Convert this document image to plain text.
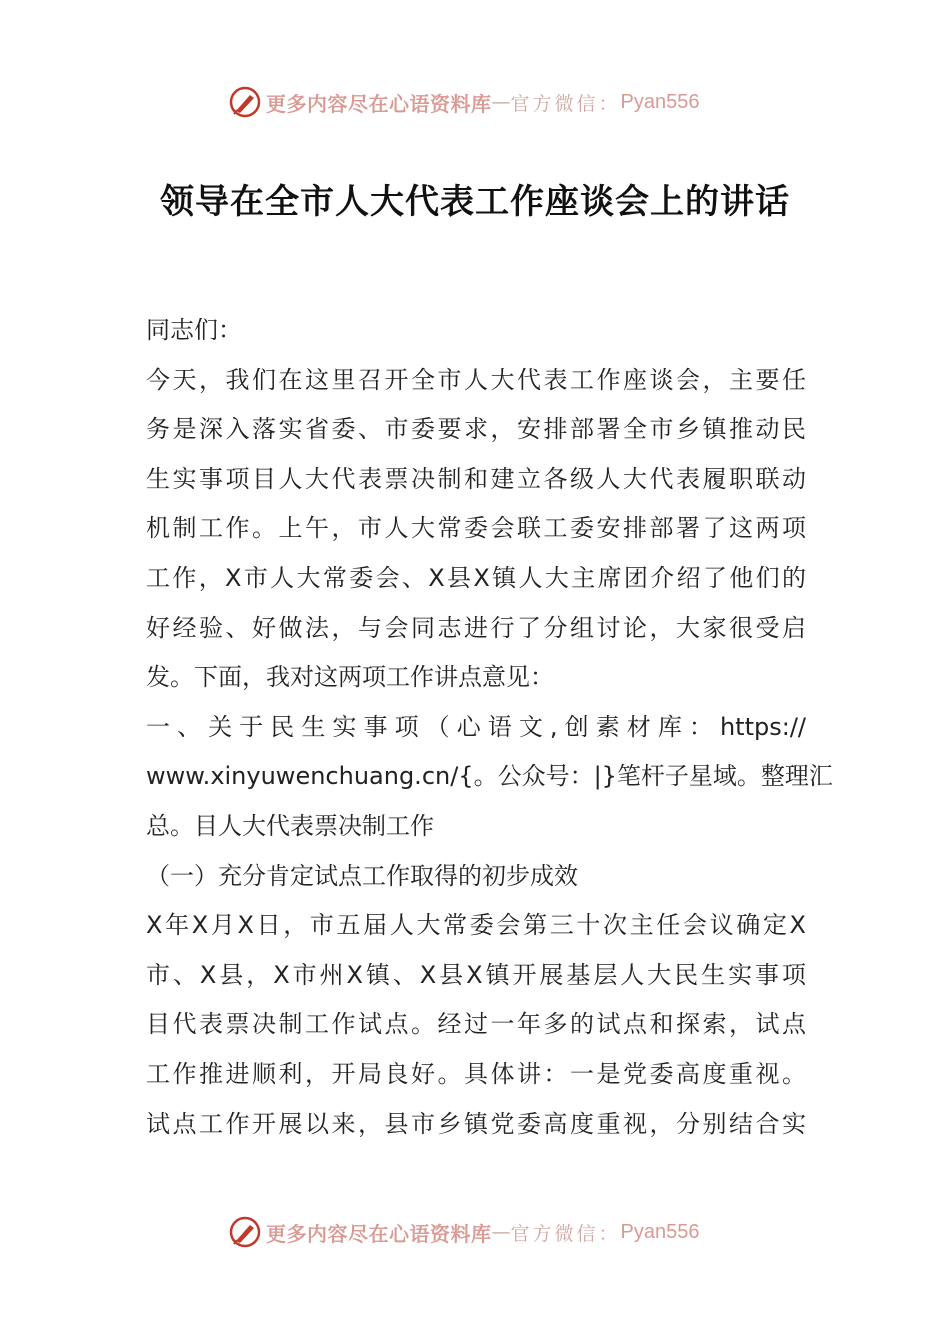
更多内容尽在心语资料库 — 官方微信： Pyan556
领导在全市人大代表工作座谈会上的讲话
同志们：
今天，我们在这里召开全市人大代表工作座谈会，主要任
务是深入落实省委、市委要求，安排部署全市乡镇推动民
生实事项目人大代表票决制和建立各级人大代表履职联动
机制工作。上午，市人大常委会联工委安排部署了这两项
工作，X市人大常委会、X县X镇人大主席团介绍了他们的
好经验、好做法，与会同志进行了分组讨论，大家很受启
发。下面，我对这两项工作讲点意见：
一、关于民生实事项（心语文,创素材库：https://
www.xinyuwenchuang.cn/{。公众号：|}笔杆子星域。整理汇
总。目人大代表票决制工作
（一）充分肯定试点工作取得的初步成效
X年X月X日，市五届人大常委会第三十次主任会议确定X
市、X县，X市州X镇、X县X镇开展基层人大民生实事项
目代表票决制工作试点。经过一年多的试点和探索，试点
工作推进顺利，开局良好。具体讲：一是党委高度重视。
试点工作开展以来，县市乡镇党委高度重视，分别结合实
更多内容尽在心语资料库 — 官方微信： Pyan556
